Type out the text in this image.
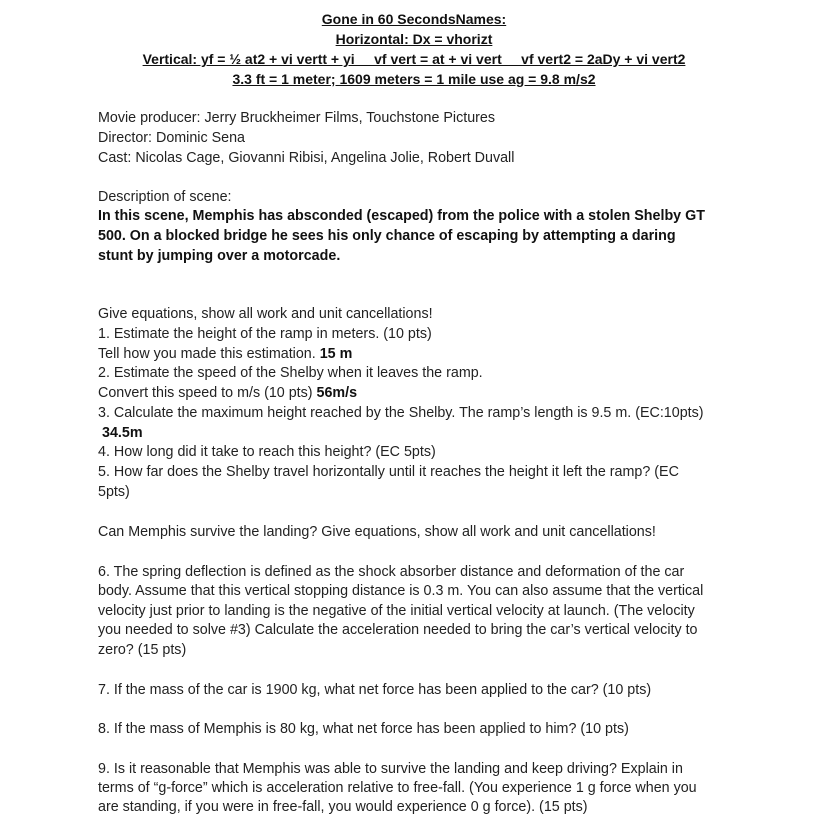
Gone in 60 SecondsNames:
Horizontal: Dx = vhorizt
Vertical: yf = ½ at2 + vi vertt + yi     vf vert = at + vi vert     vf vert2 = 2aDy + vi vert2
3.3 ft = 1 meter; 1609 meters = 1 mile use ag = 9.8 m/s2
Movie producer: Jerry Bruckheimer Films, Touchstone Pictures
Director: Dominic Sena
Cast: Nicolas Cage, Giovanni Ribisi, Angelina Jolie, Robert Duvall
Description of scene:
In this scene, Memphis has absconded (escaped) from the police with a stolen Shelby GT
500. On a blocked bridge he sees his only chance of escaping by attempting a daring
stunt by jumping over a motorcade.
Give equations, show all work and unit cancellations!
1. Estimate the height of the ramp in meters. (10 pts)
Tell how you made this estimation. 15 m
2. Estimate the speed of the Shelby when it leaves the ramp.
Convert this speed to m/s (10 pts) 56m/s
3. Calculate the maximum height reached by the Shelby. The ramp’s length is 9.5 m. (EC:10pts)
34.5m
4. How long did it take to reach this height? (EC 5pts)
5. How far does the Shelby travel horizontally until it reaches the height it left the ramp? (EC
5pts)
Can Memphis survive the landing? Give equations, show all work and unit cancellations!
6. The spring deflection is defined as the shock absorber distance and deformation of the car
body. Assume that this vertical stopping distance is 0.3 m. You can also assume that the vertical
velocity just prior to landing is the negative of the initial vertical velocity at launch. (The velocity
you needed to solve #3) Calculate the acceleration needed to bring the car’s vertical velocity to
zero? (15 pts)
7. If the mass of the car is 1900 kg, what net force has been applied to the car? (10 pts)
8. If the mass of Memphis is 80 kg, what net force has been applied to him? (10 pts)
9. Is it reasonable that Memphis was able to survive the landing and keep driving? Explain in
terms of “g-force” which is acceleration relative to free-fall. (You experience 1 g force when you
are standing, if you were in free-fall, you would experience 0 g force). (15 pts)
